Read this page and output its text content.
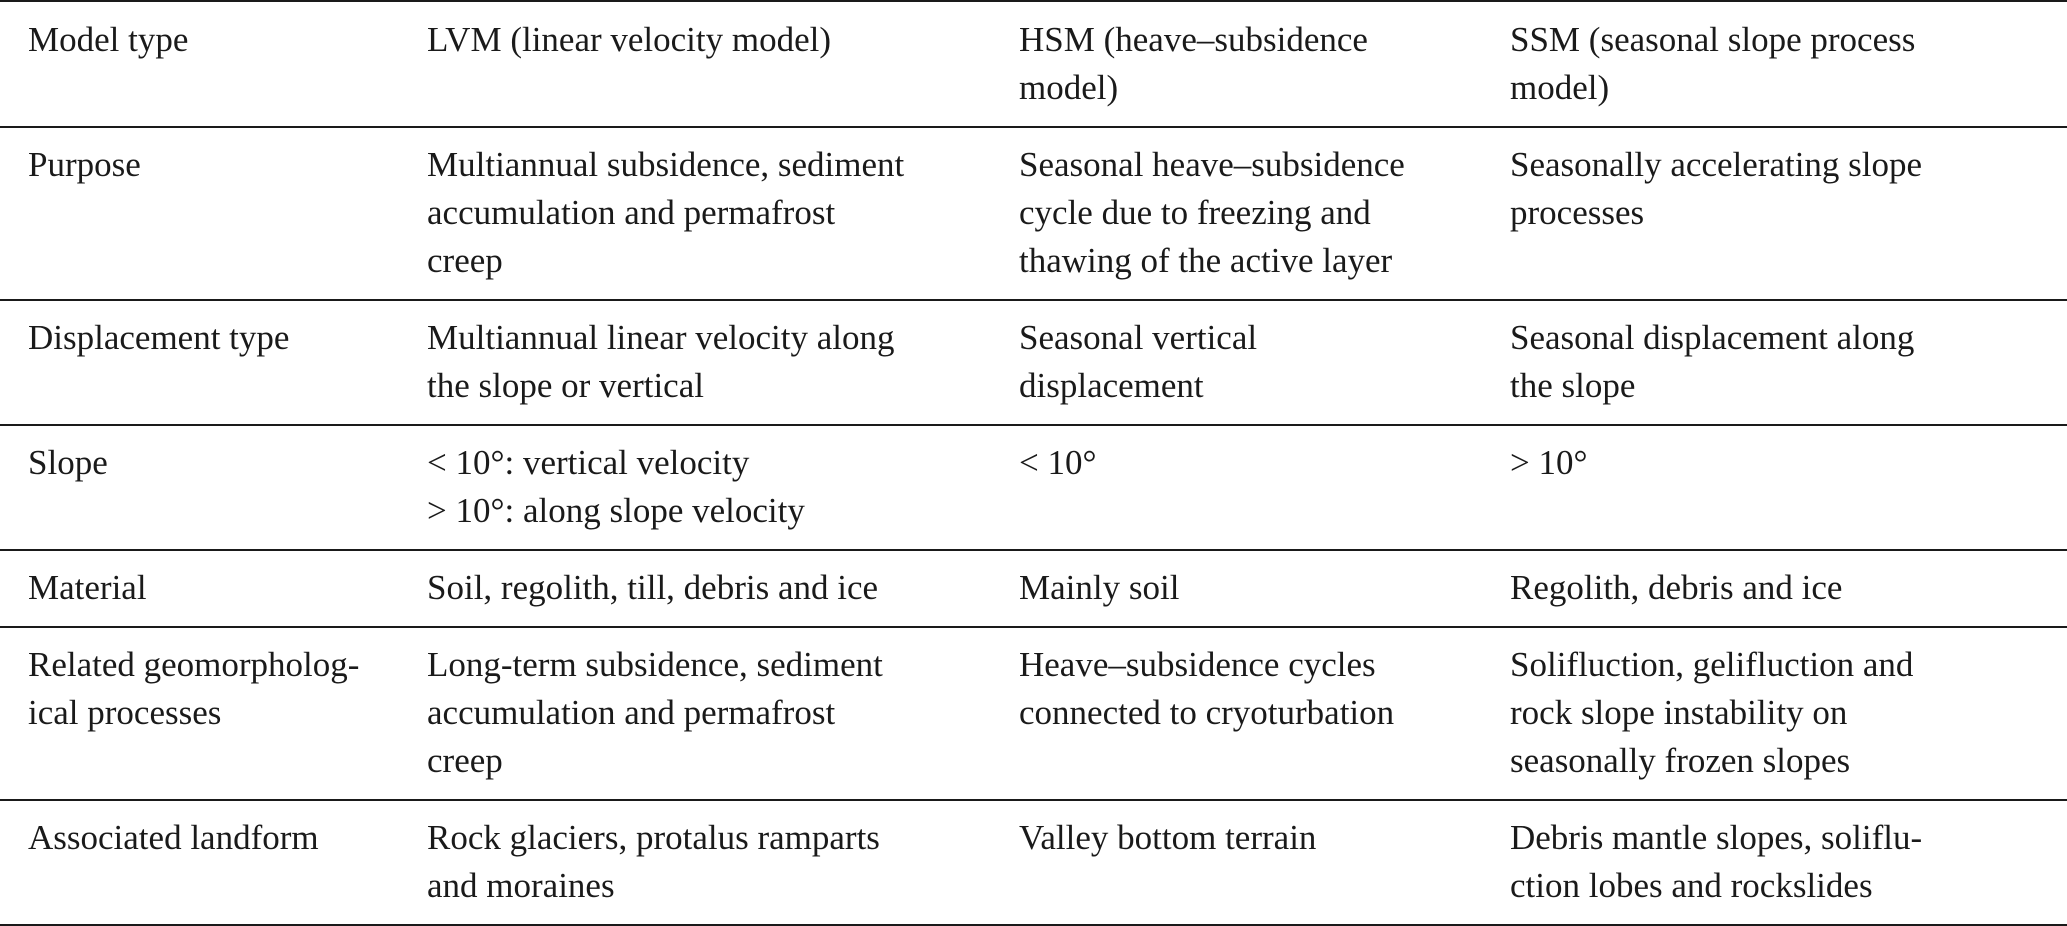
Model type	LVM (linear velocity model)	HSM (heave–subsidence
model)	SSM (seasonal slope process
model)
Purpose	Multiannual subsidence, sediment
accumulation and permafrost
creep	Seasonal heave–subsidence
cycle due to freezing and
thawing of the active layer	Seasonally accelerating slope
processes
Displacement type	Multiannual linear velocity along
the slope or vertical	Seasonal vertical
displacement	Seasonal displacement along
the slope
Slope	< 10°: vertical velocity
> 10°: along slope velocity	< 10°	> 10°
Material	Soil, regolith, till, debris and ice	Mainly soil	Regolith, debris and ice
Related geomorpholog-
ical processes	Long-term subsidence, sediment
accumulation and permafrost
creep	Heave–subsidence cycles
connected to cryoturbation	Solifluction, gelifluction and
rock slope instability on
seasonally frozen slopes
Associated landform	Rock glaciers, protalus ramparts
and moraines	Valley bottom terrain	Debris mantle slopes, soliflu-
ction lobes and rockslides
